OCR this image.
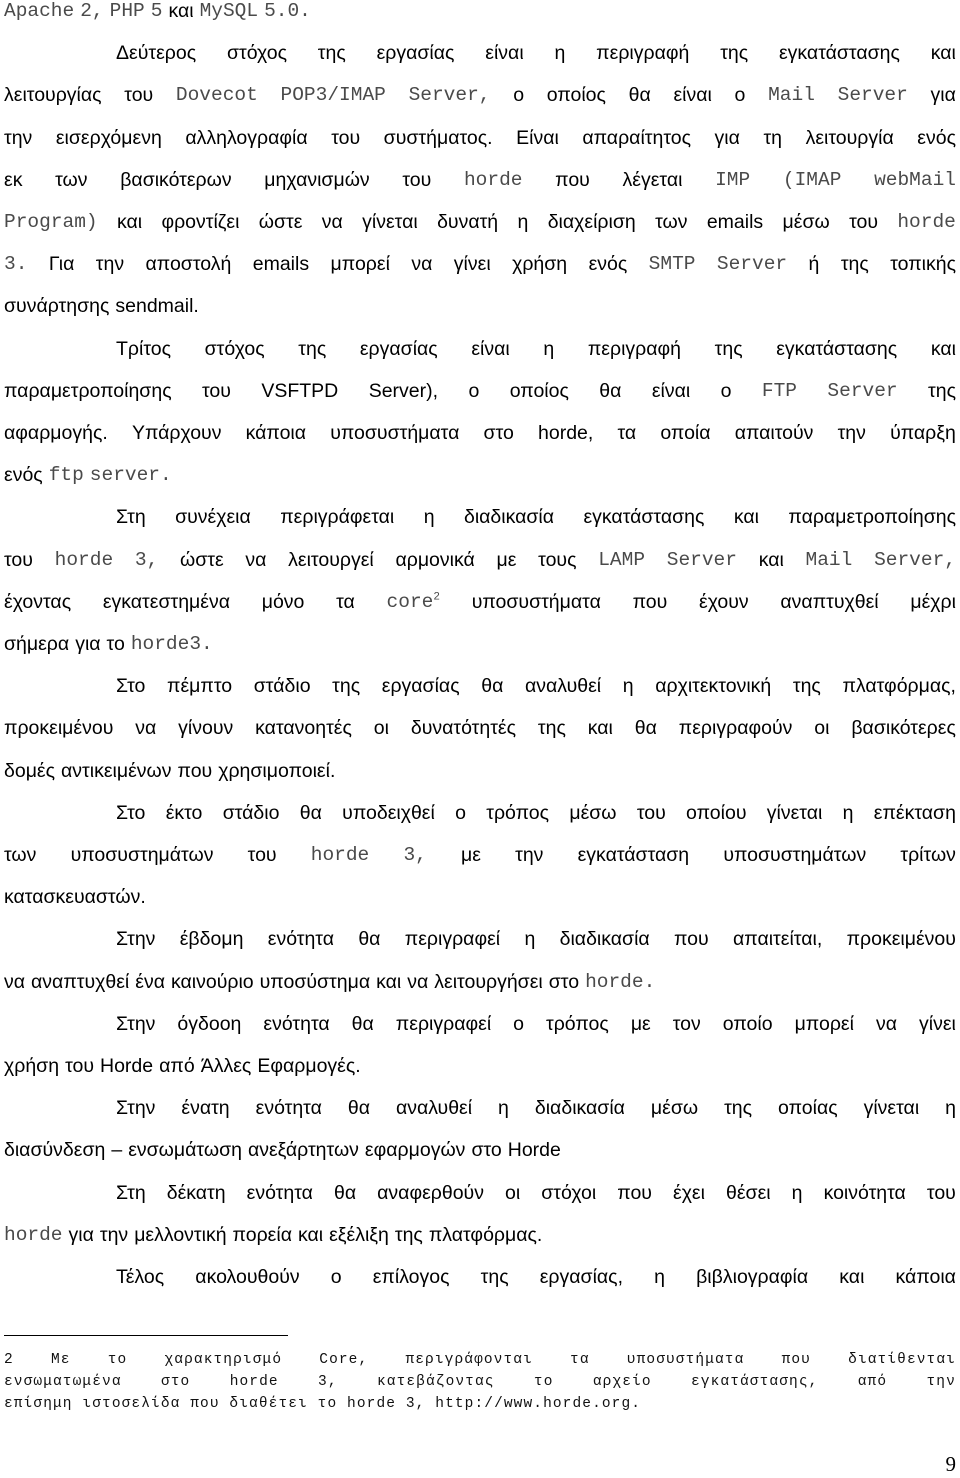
Apache 2, PHP 5 και MySQL 5.0.
Δεύτερος στόχος της εργασίας είναι η περιγραφή της εγκατάστασης και
λειτουργίας του Dovecot POP3/IMAP Server, ο οποίος θα είναι ο Mail Server για
την εισερχόμενη αλληλογραφία του συστήματος. Είναι απαραίτητος για τη λειτουργία ενός
εκ των βασικότερων μηχανισμών του horde που λέγεται IMP (IMAP webMail
Program) και φροντίζει ώστε να γίνεται δυνατή η διαχείριση των emails μέσω του horde
3. Για την αποστολή emails μπορεί να γίνει χρήση ενός SMTP Server ή της τοπικής
συνάρτησης sendmail.
Τρίτος στόχος της εργασίας είναι η περιγραφή της εγκατάστασης και
παραμετροποίησης του VSFTPD Server), ο οποίος θα είναι ο FTP Server της
αφαρμογής. Υπάρχουν κάποια υποσυστήματα στο horde, τα οποία απαιτούν την ύπαρξη
ενός ftp server.
Στη συνέχεια περιγράφεται η διαδικασία εγκατάστασης και παραμετροποίησης
του horde 3, ώστε να λειτουργεί αρμονικά με τους LAMP Server και Mail Server,
έχοντας εγκατεστημένα μόνο τα core$^2$ υποσυστήματα που έχουν αναπτυχθεί μέχρι
σήμερα για το horde3.
Στο πέμπτο στάδιο της εργασίας θα αναλυθεί η αρχιτεκτονική της πλατφόρμας,
προκειμένου να γίνουν κατανοητές οι δυνατότητές της και θα περιγραφούν οι βασικότερες
δομές αντικειμένων που χρησιμοποιεί.
Στο έκτο στάδιο θα υποδειχθεί ο τρόπος μέσω του οποίου γίνεται η επέκταση
των υποσυστημάτων του horde 3, με την εγκατάσταση υποσυστημάτων τρίτων
κατασκευαστών.
Στην έβδομη ενότητα θα περιγραφεί η διαδικασία που απαιτείται, προκειμένου
να αναπτυχθεί ένα καινούριο υποσύστημα και να λειτουργήσει στο horde.
Στην όγδοοη ενότητα θα περιγραφεί ο τρόπος με τον οποίο μπορεί να γίνει
χρήση του Horde από Άλλες Εφαρμογές.
Στην ένατη ενότητα θα αναλυθεί η διαδικασία μέσω της οποίας γίνεται η
διασύνδεση – ενσωμάτωση ανεξάρτητων εφαρμογών στο Horde
Στη δέκατη ενότητα θα αναφερθούν οι στόχοι που έχει θέσει η κοινότητα του
horde για την μελλοντική πορεία και εξέλιξη της πλατφόρμας.
Τέλος ακολουθούν ο επίλογος της εργασίας, η βιβλιογραφία και κάποια
2	Με	το	χαρακτηρισμό	Core,	περιγράφονται	τα	υποσυστήματα	που	διατίθενται
ενσωματωμένα	στο	horde	3,	κατεβάζοντας	το	αρχείο	εγκατάστασης,	από	την
επίσημη ιστοσελίδα που διαθέτει το horde 3, http://www.horde.org.
9
